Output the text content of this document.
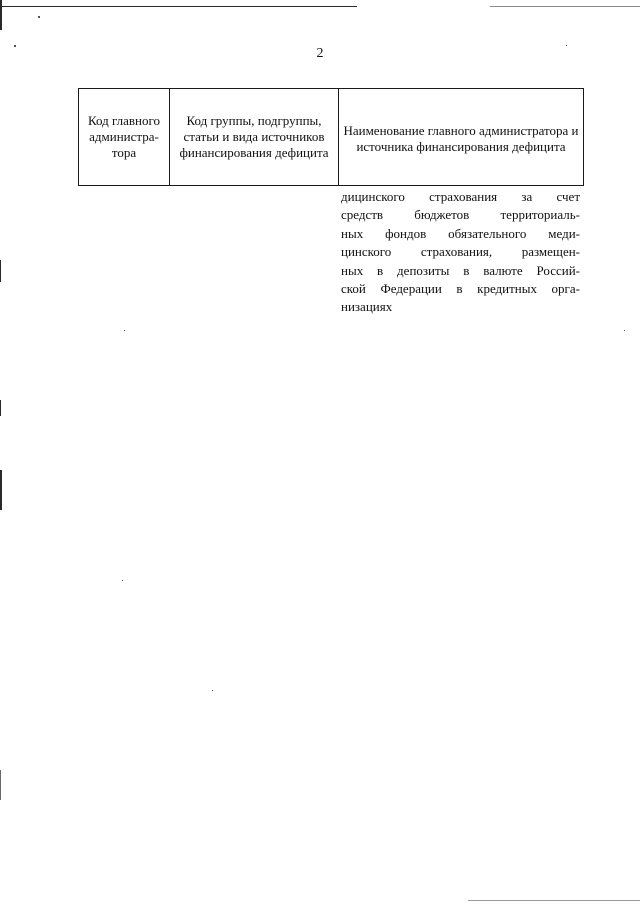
2
Код главного администра- тора	Код группы, подгруппы, статьи и вида источников финансирования дефицита	Наименование главного администратора и источника финансирования дефицита
дицинского страхования за счет
средств бюджетов территориаль-
ных фондов обязательного меди-
цинского страхования, размещен-
ных в депозиты в валюте Россий-
ской Федерации в кредитных орга-
низациях
